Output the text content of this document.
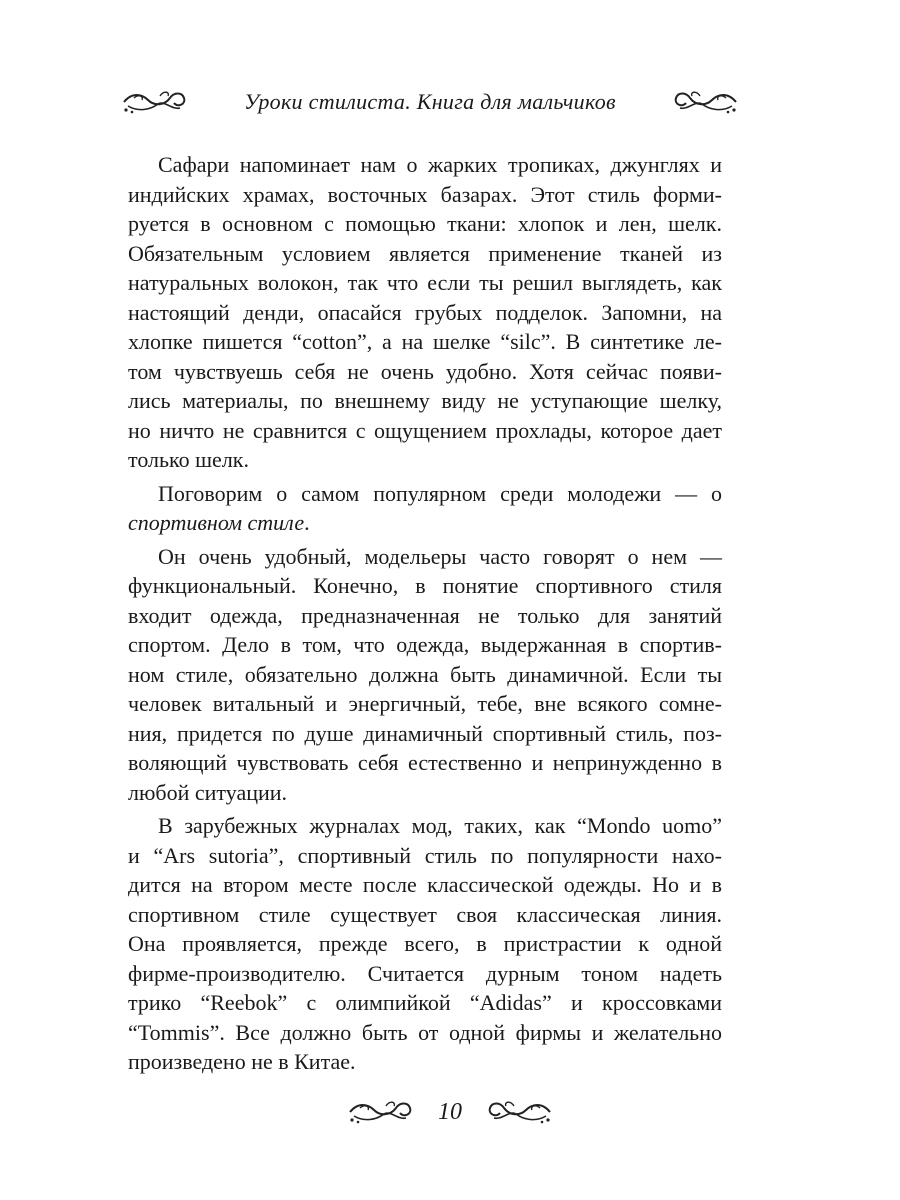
Уроки стилиста. Книга для мальчиков
Сафари напоминает нам о жарких тропиках, джунглях и
индийских храмах, восточных базарах. Этот стиль форми-
руется в основном с помощью ткани: хлопок и лен, шелк.
Обязательным условием является применение тканей из
натуральных волокон, так что если ты решил выглядеть, как
настоящий денди, опасайся грубых подделок. Запомни, на
хлопке пишется “cotton”, а на шелке “silc”. В синтетике ле-
том чувствуешь себя не очень удобно. Хотя сейчас появи-
лись материалы, по внешнему виду не уступающие шелку,
но ничто не сравнится с ощущением прохлады, которое дает
только шелк.
Поговорим о самом популярном среди молодежи — о
спортивном стиле.
Он очень удобный, модельеры часто говорят о нем —
функциональный. Конечно, в понятие спортивного стиля
входит одежда, предназначенная не только для занятий
спортом. Дело в том, что одежда, выдержанная в спортив-
ном стиле, обязательно должна быть динамичной. Если ты
человек витальный и энергичный, тебе, вне всякого сомне-
ния, придется по душе динамичный спортивный стиль, поз-
воляющий чувствовать себя естественно и непринужденно в
любой ситуации.
В зарубежных журналах мод, таких, как “Mondo uomo”
и “Ars sutoria”, спортивный стиль по популярности нахо-
дится на втором месте после классической одежды. Но и в
спортивном стиле существует своя классическая линия.
Она проявляется, прежде всего, в пристрастии к одной
фирме-производителю. Считается дурным тоном надеть
трико “Reebok” с олимпийкой “Adidas” и кроссовками
“Tommis”. Все должно быть от одной фирмы и желательно
произведено не в Китае.
10
